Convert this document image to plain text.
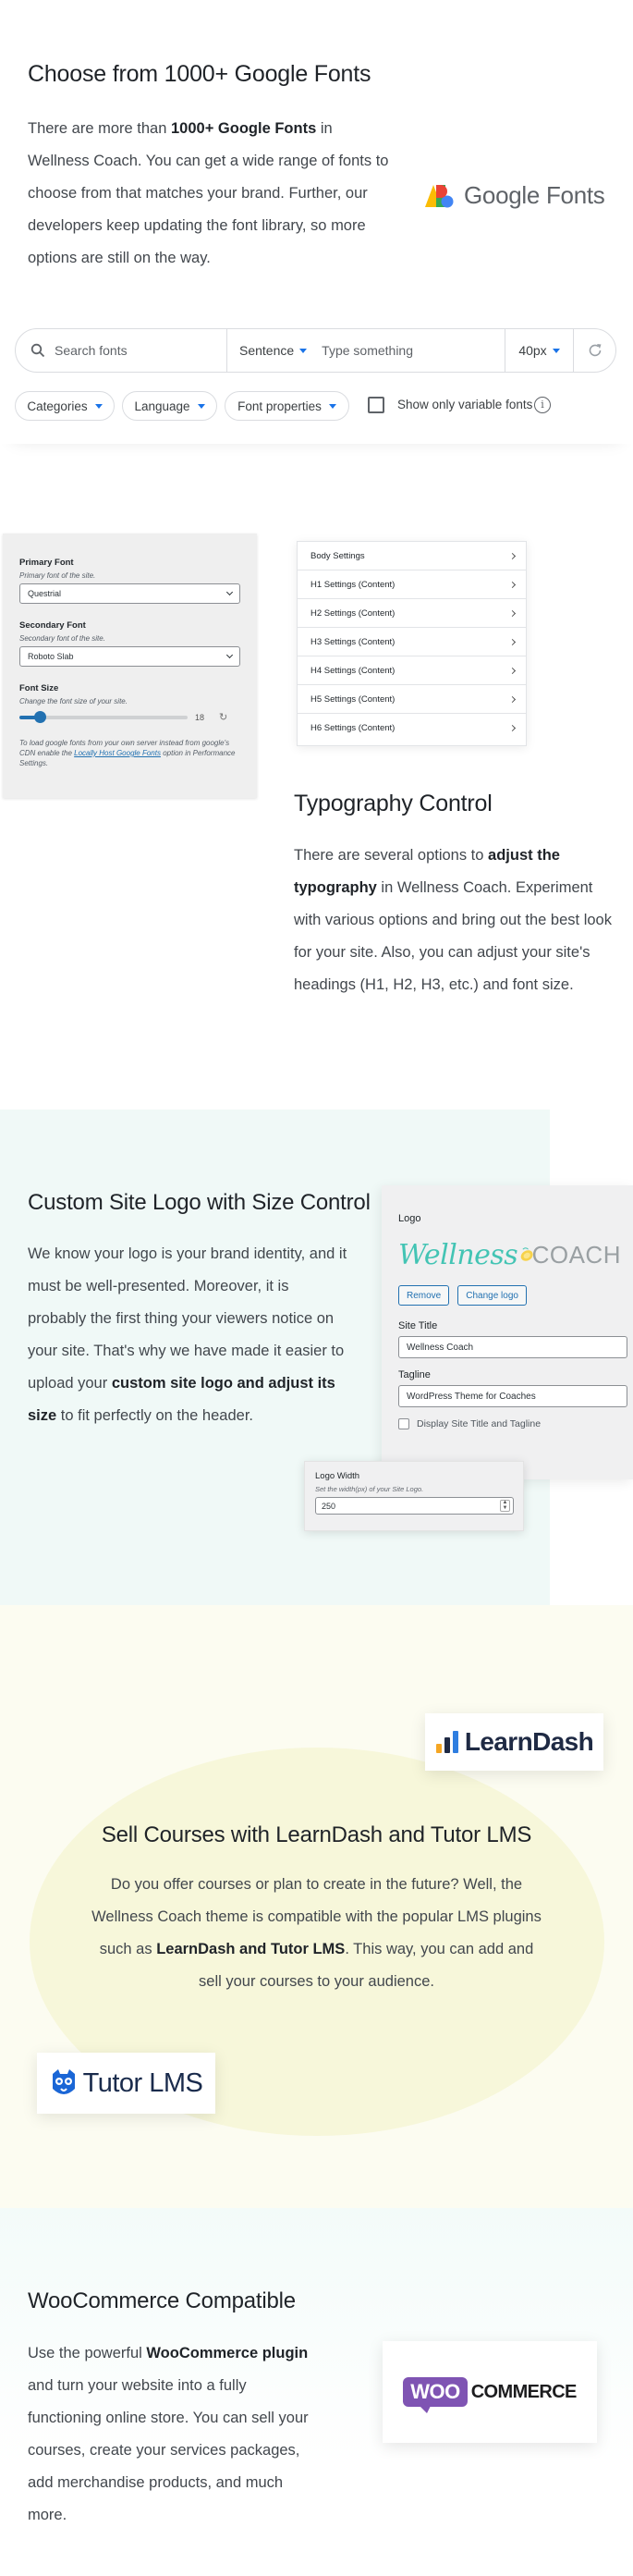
Choose from 1000+ Google Fonts

There are more than 1000+ Google Fonts in Wellness Coach. You can get a wide range of fonts to choose from that matches your brand. Further, our developers keep updating the font library, so more options are still on the way.

Google Fonts
Search fonts	Sentence Type something	40px
Categories	Language	Font properties	Show only variable fonts i
Primary Font
Primary font of the site.
Questrial
Secondary Font
Secondary font of the site.
Roboto Slab
Font Size
Change the font size of your site.
18 ↻
To load google fonts from your own server instead from google's CDN enable the Locally Host Google Fonts option in Performance Settings.
Body Settings
H1 Settings (Content)
H2 Settings (Content)
H3 Settings (Content)
H4 Settings (Content)
H5 Settings (Content)
H6 Settings (Content)
Typography Control

There are several options to adjust the typography in Wellness Coach. Experiment with various options and bring out the best look for your site. Also, you can adjust your site's headings (H1, H2, H3, etc.) and font size.

Custom Site Logo with Size Control

We know your logo is your brand identity, and it must be well-presented. Moreover, it is probably the first thing your viewers notice on your site. That's why we have made it easier to upload your custom site logo and adjust its size to fit perfectly on the header.

Logo
Wellness COACH
Remove	Change logo
Site Title
Wellness Coach
Tagline
WordPress Theme for Coaches
Display Site Title and Tagline
Logo Width
Set the width(px) of your Site Logo.
250	▲
▼
LearnDash
Sell Courses with LearnDash and Tutor LMS

Do you offer courses or plan to create in the future? Well, the Wellness Coach theme is compatible with the popular LMS plugins such as LearnDash and Tutor LMS. This way, you can add and sell your courses to your audience.

Tutor LMS
WooCommerce Compatible

Use the powerful WooCommerce plugin and turn your website into a fully functioning online store. You can sell your courses, create your services packages, add merchandise products, and much more.

WOO COMMERCE
